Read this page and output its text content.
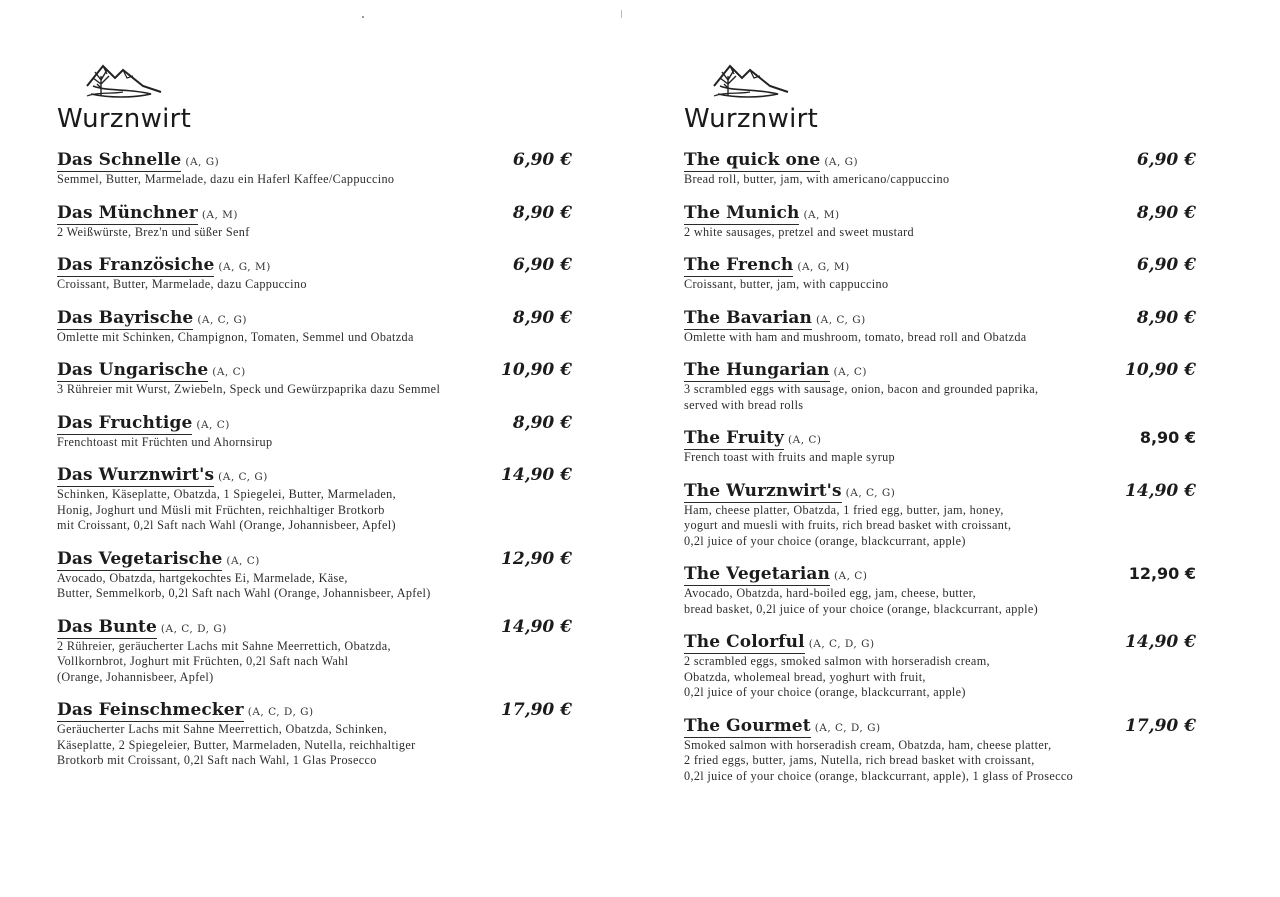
Wurznwirt
Das Schnelle (A, G)	6,90 €
Semmel, Butter, Marmelade, dazu ein Haferl Kaffee/Cappuccino
Das Münchner (A, M)	8,90 €
2 Weißwürste, Brez'n und süßer Senf
Das Französiche (A, G, M)	6,90 €
Croissant, Butter, Marmelade, dazu Cappuccino
Das Bayrische (A, C, G)	8,90 €
Omlette mit Schinken, Champignon, Tomaten, Semmel und Obatzda
Das Ungarische (A, C)	10,90 €
3 Rühreier mit Wurst, Zwiebeln, Speck und Gewürzpaprika dazu Semmel
Das Fruchtige (A, C)	8,90 €
Frenchtoast mit Früchten und Ahornsirup
Das Wurznwirt's (A, C, G)	14,90 €
Schinken, Käseplatte, Obatzda, 1 Spiegelei, Butter, Marmeladen,
Honig, Joghurt und Müsli mit Früchten, reichhaltiger Brotkorb
mit Croissant, 0,2l Saft nach Wahl (Orange, Johannisbeer, Apfel)
Das Vegetarische (A, C)	12,90 €
Avocado, Obatzda, hartgekochtes Ei, Marmelade, Käse,
Butter, Semmelkorb, 0,2l Saft nach Wahl (Orange, Johannisbeer, Apfel)
Das Bunte (A, C, D, G)	14,90 €
2 Rühreier, geräucherter Lachs mit Sahne Meerrettich, Obatzda,
Vollkornbrot, Joghurt mit Früchten, 0,2l Saft nach Wahl
(Orange, Johannisbeer, Apfel)
Das Feinschmecker (A, C, D, G)	17,90 €
Geräucherter Lachs mit Sahne Meerrettich, Obatzda, Schinken,
Käseplatte, 2 Spiegeleier, Butter, Marmeladen, Nutella, reichhaltiger
Brotkorb mit Croissant, 0,2l Saft nach Wahl, 1 Glas Prosecco
Wurznwirt
The quick one (A, G)	6,90 €
Bread roll, butter, jam, with americano/cappuccino
The Munich (A, M)	8,90 €
2 white sausages, pretzel and sweet mustard
The French (A, G, M)	6,90 €
Croissant, butter, jam, with cappuccino
The Bavarian (A, C, G)	8,90 €
Omlette with ham and mushroom, tomato, bread roll and Obatzda
The Hungarian (A, C)	10,90 €
3 scrambled eggs with sausage, onion, bacon and grounded paprika,
served with bread rolls
The Fruity (A, C)	8,90 €
French toast with fruits and maple syrup
The Wurznwirt's (A, C, G)	14,90 €
Ham, cheese platter, Obatzda, 1 fried egg, butter, jam, honey,
yogurt and muesli with fruits, rich bread basket with croissant,
0,2l juice of your choice (orange, blackcurrant, apple)
The Vegetarian (A, C)	12,90 €
Avocado, Obatzda, hard-boiled egg, jam, cheese, butter,
bread basket, 0,2l juice of your choice (orange, blackcurrant, apple)
The Colorful (A, C, D, G)	14,90 €
2 scrambled eggs, smoked salmon with horseradish cream,
Obatzda, wholemeal bread, yoghurt with fruit,
0,2l juice of your choice (orange, blackcurrant, apple)
The Gourmet (A, C, D, G)	17,90 €
Smoked salmon with horseradish cream, Obatzda, ham, cheese platter,
2 fried eggs, butter, jams, Nutella, rich bread basket with croissant,
0,2l juice of your choice (orange, blackcurrant, apple), 1 glass of Prosecco
